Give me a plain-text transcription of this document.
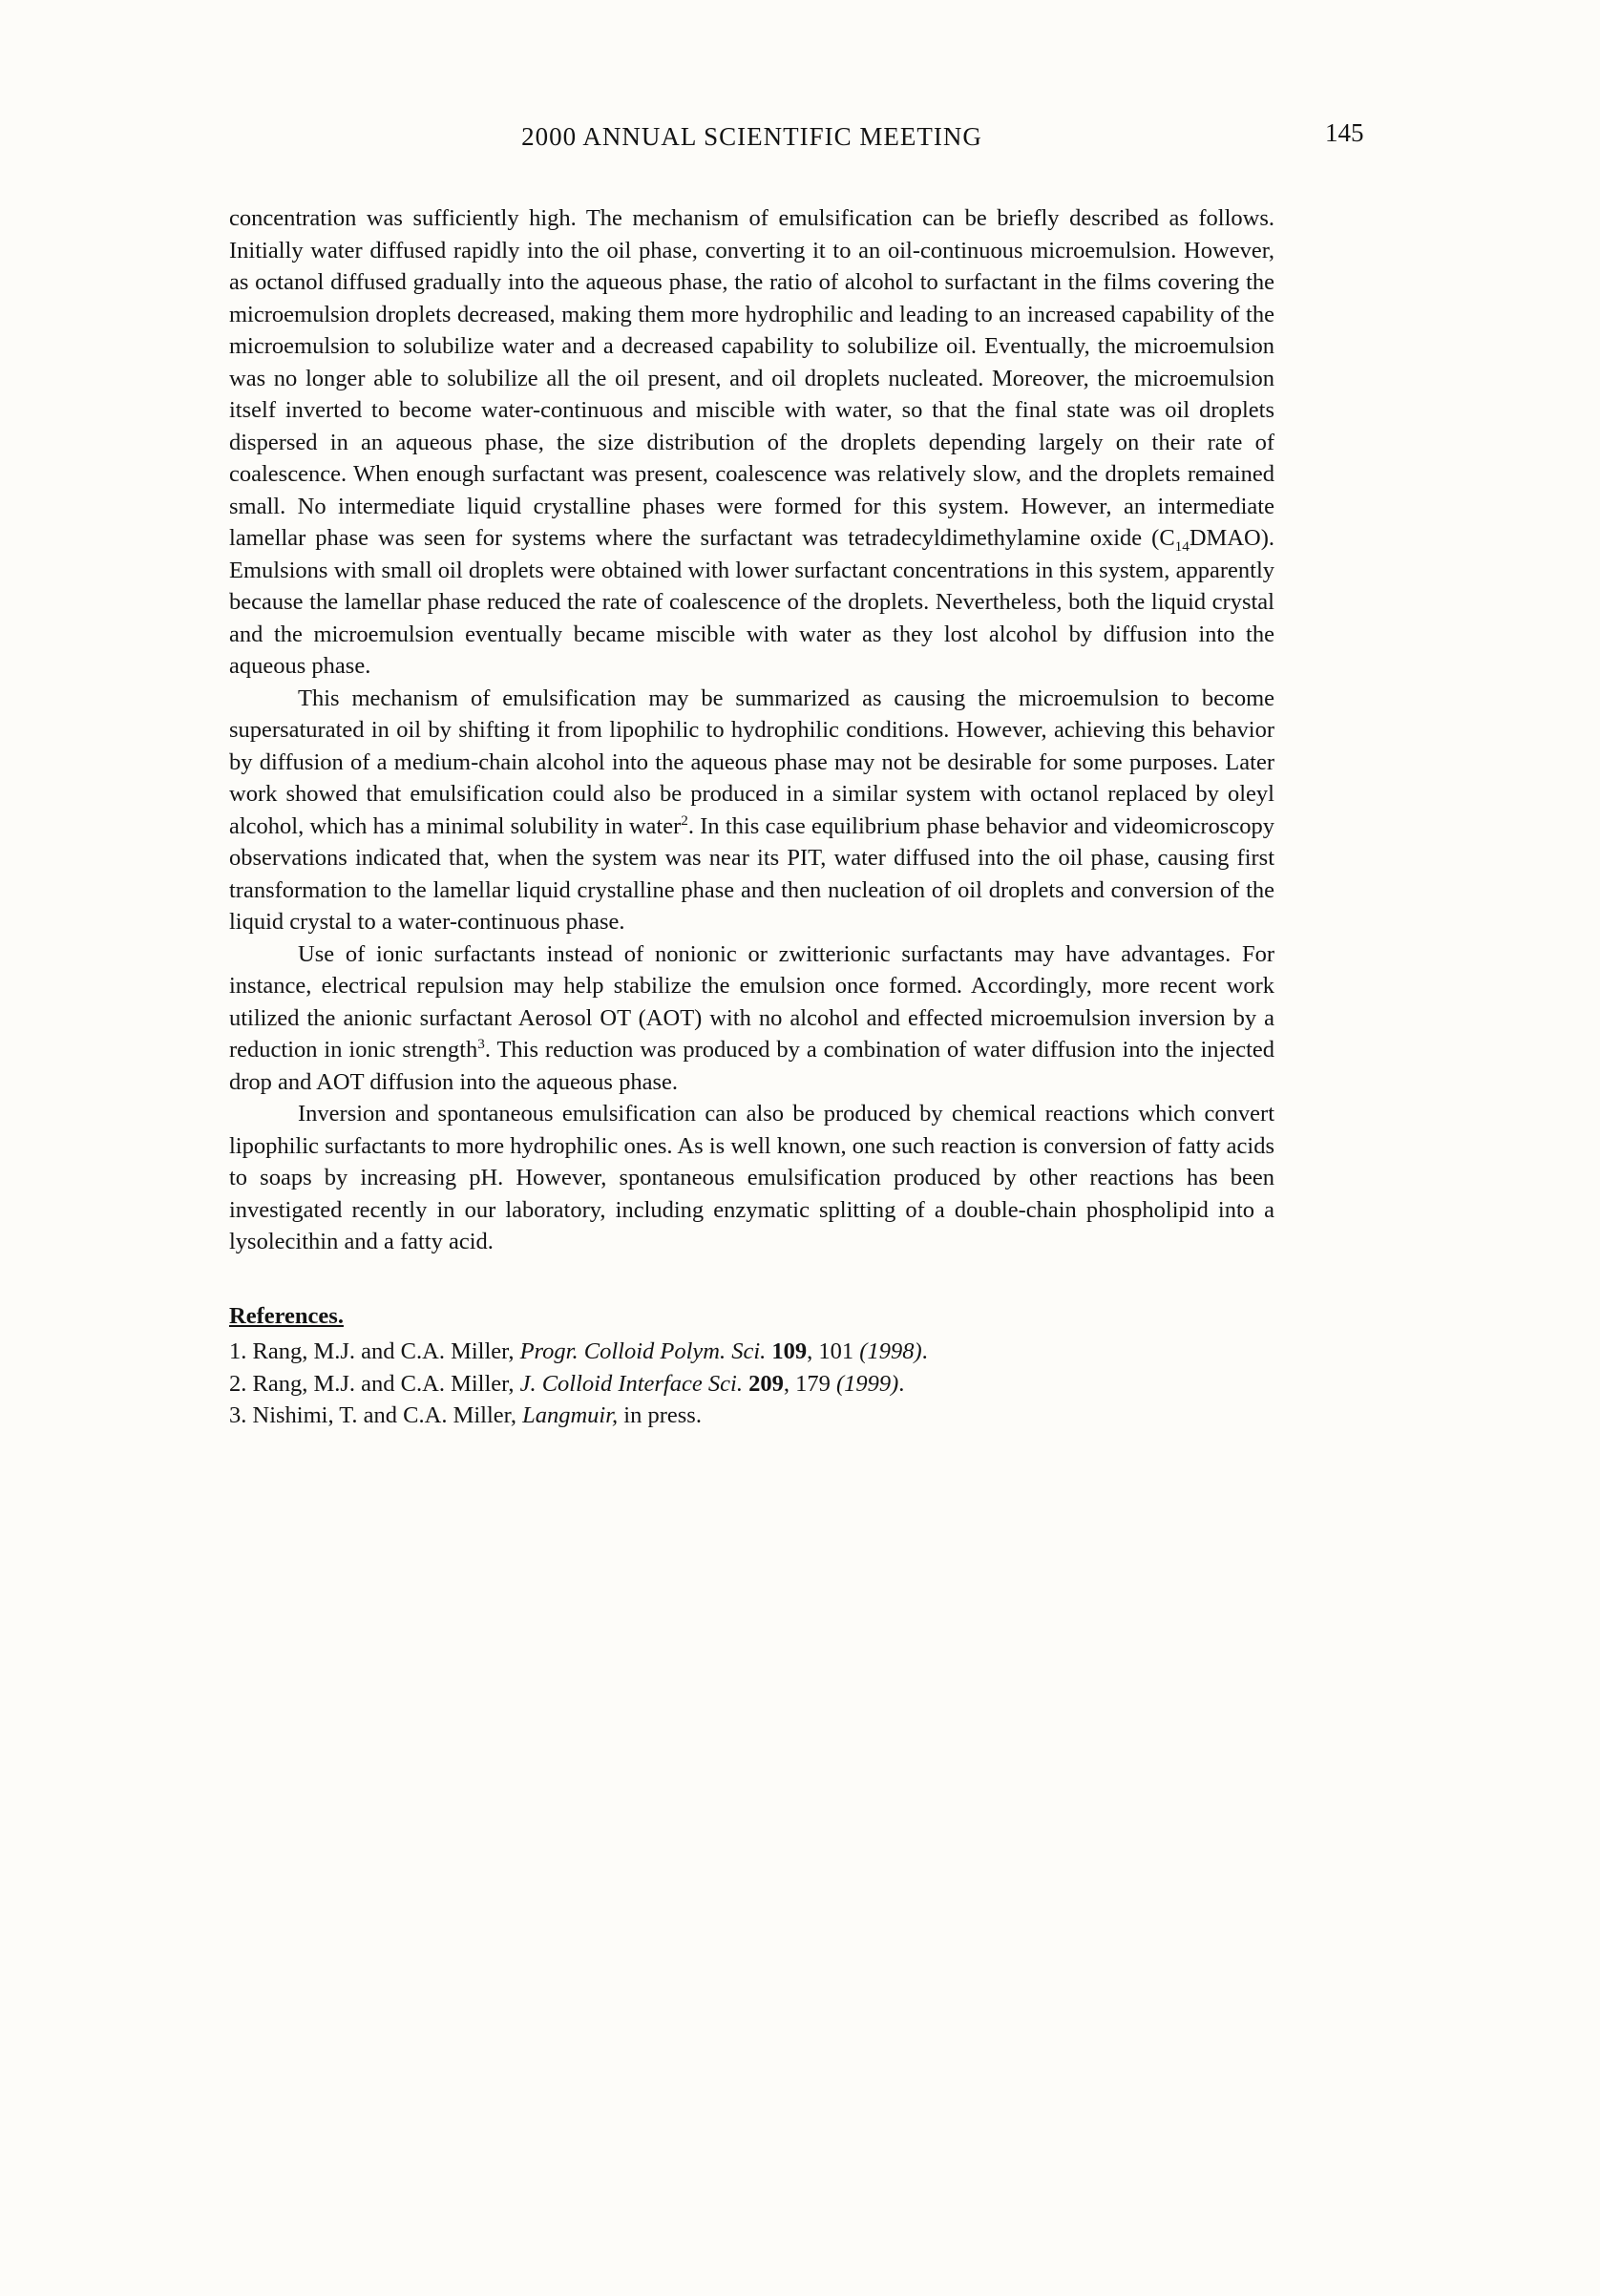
2000 ANNUAL SCIENTIFIC MEETING	145

concentration was sufficiently high. The mechanism of emulsification can be briefly described as follows. Initially water diffused rapidly into the oil phase, converting it to an oil-continuous microemulsion. However, as octanol diffused gradually into the aqueous phase, the ratio of alcohol to surfactant in the films covering the microemulsion droplets decreased, making them more hydrophilic and leading to an increased capability of the microemulsion to solubilize water and a decreased capability to solubilize oil. Eventually, the microemulsion was no longer able to solubilize all the oil present, and oil droplets nucleated. Moreover, the microemulsion itself inverted to become water-continuous and miscible with water, so that the final state was oil droplets dispersed in an aqueous phase, the size distribution of the droplets depending largely on their rate of coalescence. When enough surfactant was present, coalescence was relatively slow, and the droplets remained small. No intermediate liquid crystalline phases were formed for this system. However, an intermediate lamellar phase was seen for systems where the surfactant was tetradecyldimethylamine oxide $(C_{14}DMAO)$. Emulsions with small oil droplets were obtained with lower surfactant concentrations in this system, apparently because the lamellar phase reduced the rate of coalescence of the droplets. Nevertheless, both the liquid crystal and the microemulsion eventually became miscible with water as they lost alcohol by diffusion into the aqueous phase.

This mechanism of emulsification may be summarized as causing the microemulsion to become supersaturated in oil by shifting it from lipophilic to hydrophilic conditions. However, achieving this behavior by diffusion of a medium-chain alcohol into the aqueous phase may not be desirable for some purposes. Later work showed that emulsification could also be produced in a similar system with octanol replaced by oleyl alcohol, which has a minimal solubility in water$^2$. In this case equilibrium phase behavior and videomicroscopy observations indicated that, when the system was near its PIT, water diffused into the oil phase, causing first transformation to the lamellar liquid crystalline phase and then nucleation of oil droplets and conversion of the liquid crystal to a water-continuous phase.

Use of ionic surfactants instead of nonionic or zwitterionic surfactants may have advantages. For instance, electrical repulsion may help stabilize the emulsion once formed. Accordingly, more recent work utilized the anionic surfactant Aerosol OT (AOT) with no alcohol and effected microemulsion inversion by a reduction in ionic strength$^3$. This reduction was produced by a combination of water diffusion into the injected drop and AOT diffusion into the aqueous phase.

Inversion and spontaneous emulsification can also be produced by chemical reactions which convert lipophilic surfactants to more hydrophilic ones. As is well known, one such reaction is conversion of fatty acids to soaps by increasing pH. However, spontaneous emulsification produced by other reactions has been investigated recently in our laboratory, including enzymatic splitting of a double-chain phospholipid into a lysolecithin and a fatty acid.

References.

1. Rang, M.J. and C.A. Miller, Progr. Colloid Polym. Sci. 109, 101 (1998).

2. Rang, M.J. and C.A. Miller, J. Colloid Interface Sci. 209, 179 (1999).

3. Nishimi, T. and C.A. Miller, Langmuir, in press.
